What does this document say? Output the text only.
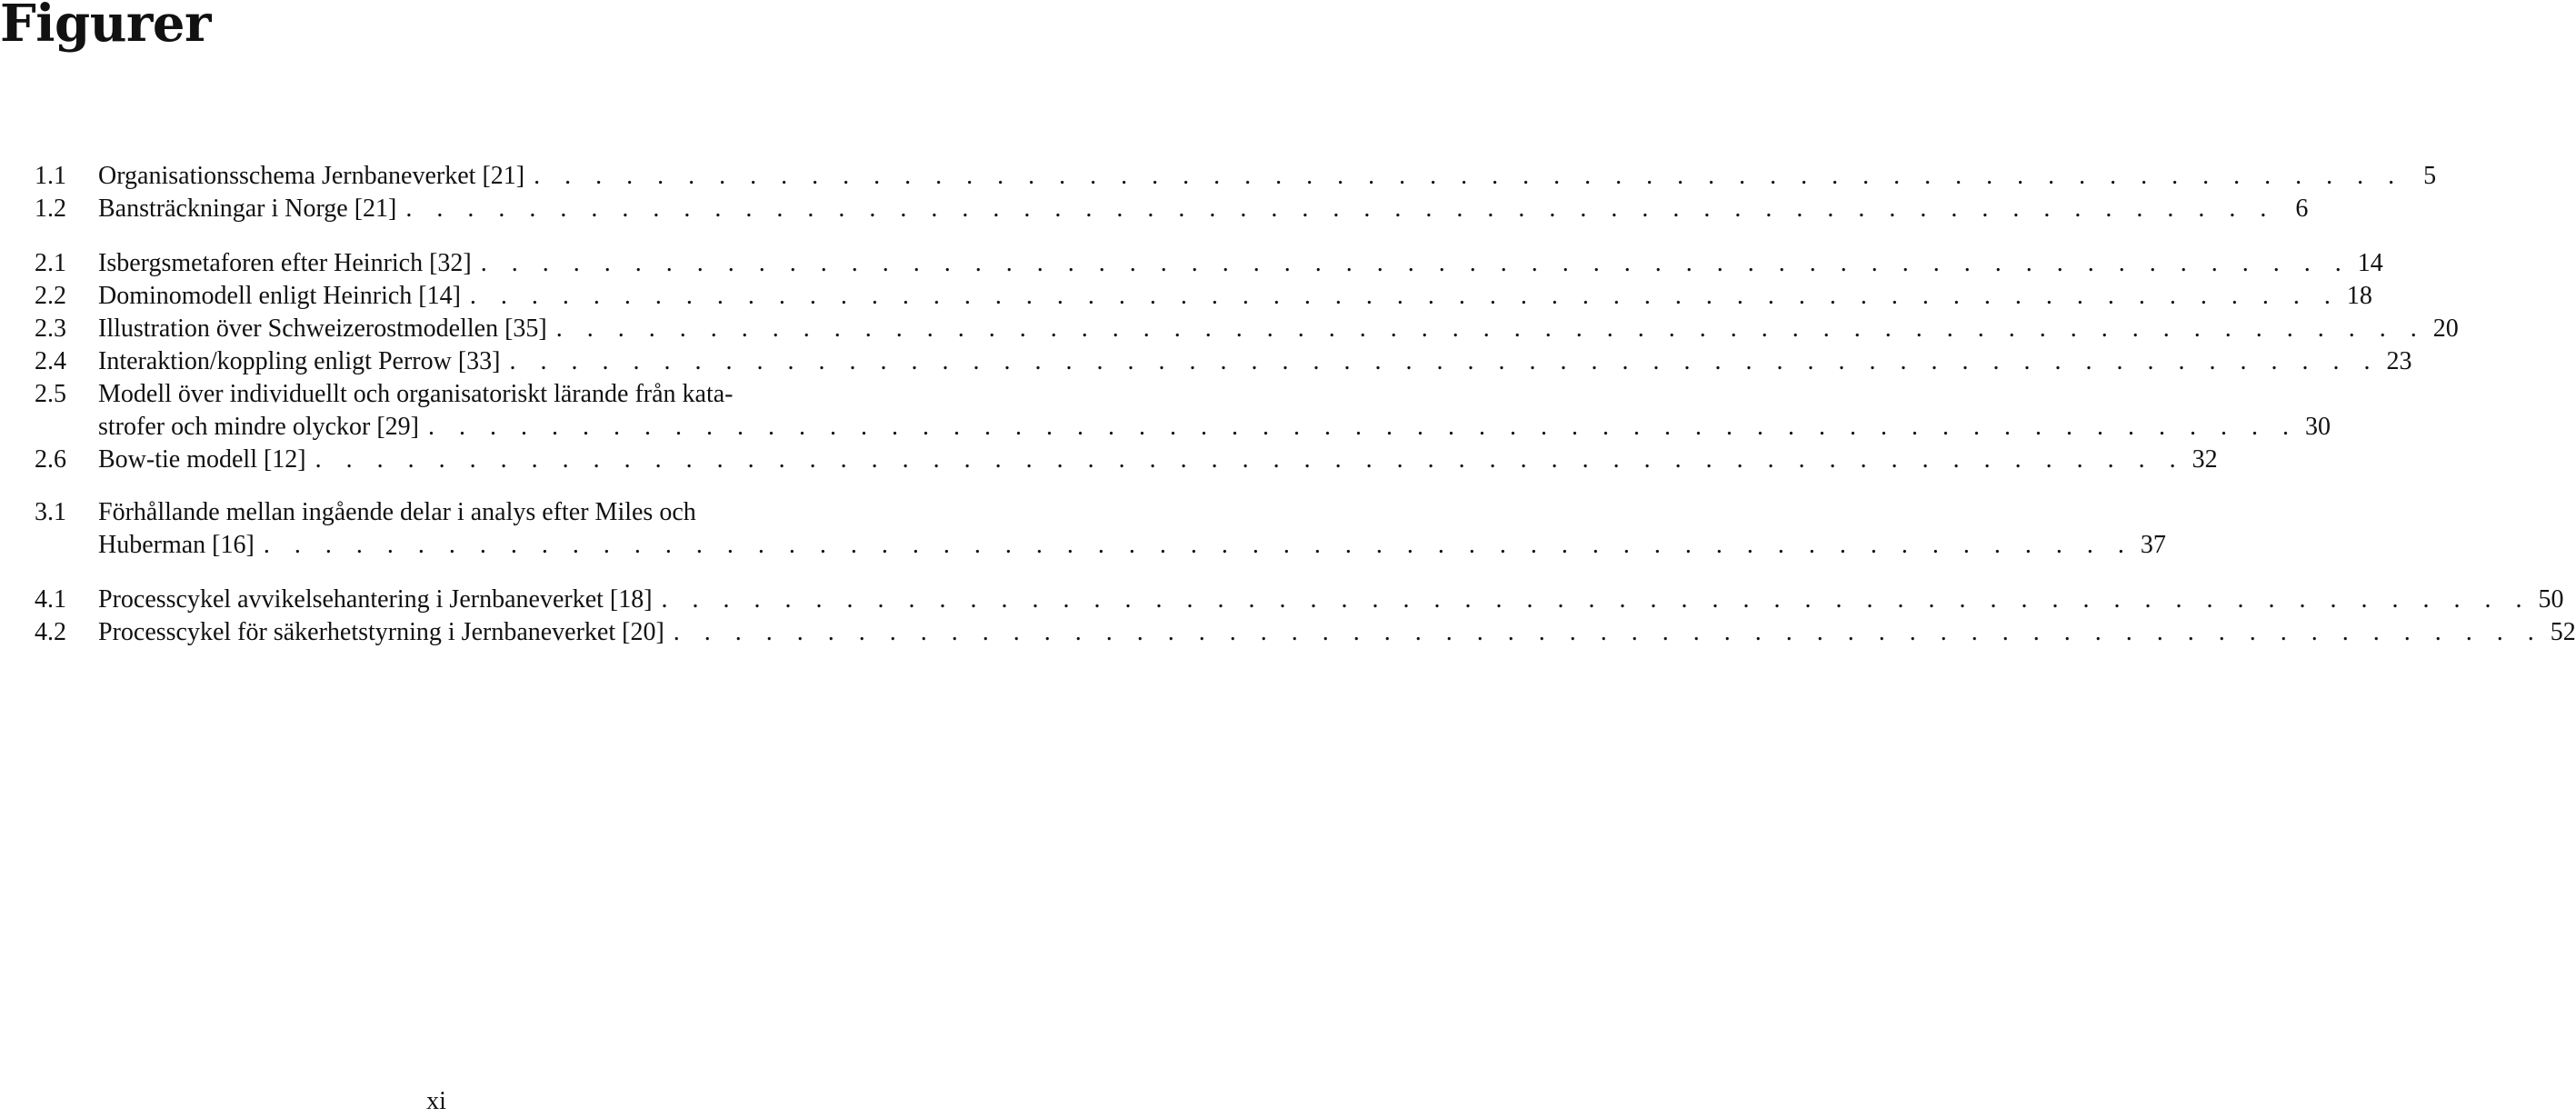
Figurer
1.1	Organisationsschema Jernbaneverket [21] . . . . . . . . . . . . . . . . . . . . . . . . . . . . . . . . . . . . . . . . . . . . . . . . . . . . . . . . . . . . . 5
1.2	Bansträckningar i Norge [21] . . . . . . . . . . . . . . . . . . . . . . . . . . . . . . . . . . . . . . . . . . . . . . . . . . . . . . . . . . . . . 6
2.1	Isbergsmetaforen efter Heinrich [32] . . . . . . . . . . . . . . . . . . . . . . . . . . . . . . . . . . . . . . . . . . . . . . . . . . . . . . . . . . . . . 14
2.2	Dominomodell enligt Heinrich [14] . . . . . . . . . . . . . . . . . . . . . . . . . . . . . . . . . . . . . . . . . . . . . . . . . . . . . . . . . . . . . 18
2.3	Illustration över Schweizerostmodellen [35] . . . . . . . . . . . . . . . . . . . . . . . . . . . . . . . . . . . . . . . . . . . . . . . . . . . . . . . . . . . . . 20
2.4	Interaktion/koppling enligt Perrow [33] . . . . . . . . . . . . . . . . . . . . . . . . . . . . . . . . . . . . . . . . . . . . . . . . . . . . . . . . . . . . . 23
2.5	Modell över individuellt och organisatoriskt lärande från kata-
strofer och mindre olyckor [29] . . . . . . . . . . . . . . . . . . . . . . . . . . . . . . . . . . . . . . . . . . . . . . . . . . . . . . . . . . . . . 30
2.6	Bow-tie modell [12] . . . . . . . . . . . . . . . . . . . . . . . . . . . . . . . . . . . . . . . . . . . . . . . . . . . . . . . . . . . . . 32
3.1	Förhållande mellan ingående delar i analys efter Miles och
Huberman [16] . . . . . . . . . . . . . . . . . . . . . . . . . . . . . . . . . . . . . . . . . . . . . . . . . . . . . . . . . . . . . 37
4.1	Processcykel avvikelsehantering i Jernbaneverket [18] . . . . . . . . . . . . . . . . . . . . . . . . . . . . . . . . . . . . . . . . . . . . . . . . . . . . . . . . . . . . . 50
4.2	Processcykel för säkerhetstyrning i Jernbaneverket [20] . . . . . . . . . . . . . . . . . . . . . . . . . . . . . . . . . . . . . . . . . . . . . . . . . . . . . . . . . . . . . 52
xi
